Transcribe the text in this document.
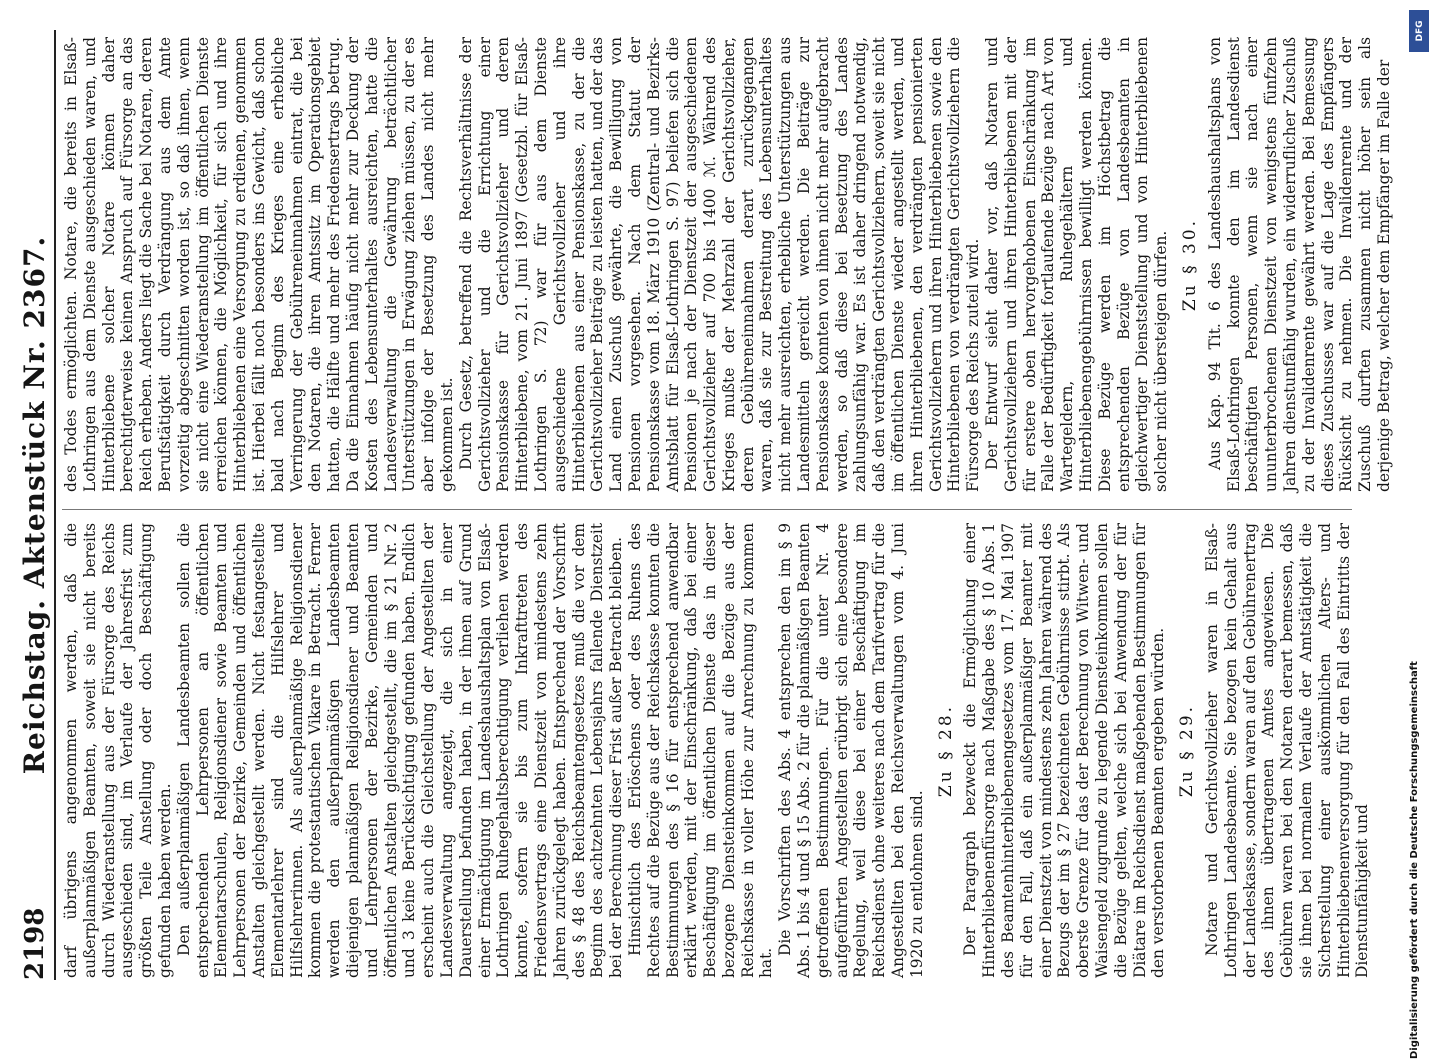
2198
Reichstag. Aktenstück Nr. 2367. darf übrigens angenommen werden, daß die außerplanmäßigen Beamten, soweit sie nicht bereits durch Wiederanstellung aus der Fürsorge des Reichs ausgeschieden sind, im Verlaufe der Jahresfrist zum größten Teile Anstellung oder doch Beschäftigung gefunden haben werden. Den außerplanmäßigen Landesbeamten sollen die entsprechenden Lehrpersonen an öffentlichen Elementarschulen, Religionsdiener sowie Beamten und Lehrpersonen der Bezirke, Gemeinden und öffentlichen Anstalten gleichgestellt werden. Nicht festangestellte Elementarlehrer sind die Hilfslehrer und Hilfslehrerinnen. Als außerplanmäßige Religionsdiener kommen die protestantischen Vikare in Betracht. Ferner werden den außerplanmäßigen Landesbeamten diejenigen planmäßigen Religionsdiener und Beamten und Lehrpersonen der Bezirke, Gemeinden und öffentlichen Anstalten gleichgestellt, die im § 21 Nr. 2 und 3 keine Berücksichtigung gefunden haben. Endlich erscheint auch die Gleichstellung der Angestellten der Landesverwaltung angezeigt, die sich in einer Dauerstellung befunden haben, in der ihnen auf Grund einer Ermächtigung im Landeshaushaltsplan von Elsaß-Lothringen Ruhegehaltsberechtigung verliehen werden konnte, sofern sie bis zum Inkrafttreten des Friedensvertrags eine Dienstzeit von mindestens zehn Jahren zurückgelegt haben. Entsprechend der Vorschrift des § 48 des Reichsbeamtengesetzes muß die vor dem Beginn des achtzehnten Lebensjahrs fallende Dienstzeit bei der Berechnung dieser Frist außer Betracht bleiben. Hinsichtlich des Erlöschens oder des Ruhens des Rechtes auf die Bezüge aus der Reichskasse konnten die Bestimmungen des § 16 für entsprechend anwendbar erklärt werden, mit der Einschränkung, daß bei einer Beschäftigung im öffentlichen Dienste das in dieser bezogene Diensteinkommen auf die Bezüge aus der Reichskasse in voller Höhe zur Anrechnung zu kommen hat.

Die Vorschriften des Abs. 4 entsprechen den im § 9 Abs. 1 bis 4 und § 15 Abs. 2 für die planmäßigen Beamten getroffenen Bestimmungen. Für die unter Nr. 4 aufgeführten Angestellten erübrigt sich eine besondere Regelung, weil diese bei einer Beschäftigung im Reichsdienst ohne weiteres nach dem Tarifvertrag für die Angestellten bei den Reichsverwaltungen vom 4. Juni 1920 zu entlohnen sind.

Zu § 28. Der Paragraph bezweckt die Ermöglichung einer Hinterbliebenenfürsorge nach Maßgabe des § 10 Abs. 1 des Beamtenhinterbliebenengesetzes vom 17. Mai 1907 für den Fall, daß ein außerplanmäßiger Beamter mit einer Dienstzeit von mindestens zehn Jahren während des Bezugs der im § 27 bezeichneten Gebührnisse stirbt. Als oberste Grenze für das der Berechnung von Witwen- und Waisengeld zugrunde zu legende Diensteinkommen sollen die Bezüge gelten, welche sich bei Anwendung der für Diätare im Reichsdienst maßgebenden Bestimmungen für den verstorbenen Beamten ergeben würden. Zu § 29. Notare und Gerichtsvollzieher waren in Elsaß-Lothringen Landesbeamte. Sie bezogen kein Gehalt aus der Landeskasse, sondern waren auf den Gebührenertrag des ihnen übertragenen Amtes angewiesen. Die Gebühren waren bei den Notaren derart bemessen, daß sie ihnen bei normalem Verlaufe der Amtstätigkeit die Sicherstellung einer auskömmlichen Alters- und Hinterbliebenenversorgung für den Fall des Eintritts der Dienstunfähigkeit und

des Todes ermöglichten. Notare, die bereits in Elsaß-Lothringen aus dem Dienste ausgeschieden waren, und Hinterbliebene solcher Notare können daher berechtigterweise keinen Anspruch auf Fürsorge an das Reich erheben. Anders liegt die Sache bei Notaren, deren Berufstätigkeit durch Verdrängung aus dem Amte vorzeitig abgeschnitten worden ist, so daß ihnen, wenn sie nicht eine Wiederanstellung im öffentlichen Dienste erreichen können, die Möglichkeit, für sich und ihre Hinterbliebenen eine Versorgung zu erdienen, genommen ist. Hierbei fällt noch besonders ins Gewicht, daß schon bald nach Beginn des Krieges eine erhebliche Verringerung der Gebühreneinnahmen eintrat, die bei den Notaren, die ihren Amtssitz im Operationsgebiet hatten, die Hälfte und mehr des Friedensertrags betrug. Da die Einnahmen häufig nicht mehr zur Deckung der Kosten des Lebensunterhaltes ausreichten, hatte die Landesverwaltung die Gewährung beträchtlicher Unterstützungen in Erwägung ziehen müssen, zu der es aber infolge der Besetzung des Landes nicht mehr gekommen ist. Durch Gesetz, betreffend die Rechtsverhältnisse der Gerichtsvollzieher und die Errichtung einer Pensionskasse für Gerichtsvollzieher und deren Hinterbliebene, vom 21. Juni 1897 (Gesetzbl. für Elsaß-Lothringen S. 72) war für aus dem Dienste ausgeschiedene Gerichtsvollzieher und ihre Hinterbliebenen aus einer Pensionskasse, zu der die Gerichtsvollzieher Beiträge zu leisten hatten, und der das Land einen Zuschuß gewährte, die Bewilligung von Pensionen vorgesehen. Nach dem Statut der Pensionskasse vom 18. März 1910 (Zentral- und Bezirks-Amtsblatt für Elsaß-Lothringen S. 97) beliefen sich die Pensionen je nach der Dienstzeit der ausgeschiedenen Gerichtsvollzieher auf 700 bis 1400 ℳ. Während des Krieges mußte der Mehrzahl der Gerichtsvollzieher, deren Gebühreneinnahmen derart zurückgegangen waren, daß sie zur Bestreitung des Lebensunterhaltes nicht mehr ausreichten, erhebliche Unterstützungen aus Landesmitteln gereicht werden. Die Beiträge zur Pensionskasse konnten von ihnen nicht mehr aufgebracht werden, so daß diese bei Besetzung des Landes zahlungsunfähig war. Es ist daher dringend notwendig, daß den verdrängten Gerichtsvollziehern, soweit sie nicht im öffentlichen Dienste wieder angestellt werden, und ihren Hinterbliebenen, den verdrängten pensionierten Gerichtsvollziehern und ihren Hinterbliebenen sowie den Hinterbliebenen von verdrängten Gerichtsvollziehern die Fürsorge des Reichs zuteil wird. Der Entwurf sieht daher vor, daß Notaren und Gerichtsvollziehern und ihren Hinterbliebenen mit der für erstere oben hervorgehobenen Einschränkung im Falle der Bedürftigkeit fortlaufende Bezüge nach Art von Wartegeldern, Ruhegehältern und Hinterbliebenengebührnissen bewilligt werden können. Diese Bezüge werden im Höchstbetrag die entsprechenden Bezüge von Landesbeamten in gleichwertiger Dienststellung und von Hinterbliebenen solcher nicht übersteigen dürfen. Zu § 30. Aus Kap. 94 Tit. 6 des Landeshaushaltsplans von Elsaß-Lothringen konnte den im Landesdienst beschäftigten Personen, wenn sie nach einer ununterbrochenen Dienstzeit von wenigstens fünfzehn Jahren dienstunfähig wurden, ein widerruflicher Zuschuß zu der Invalidenrente gewährt werden. Bei Bemessung dieses Zuschusses war auf die Lage des Empfängers Rücksicht zu nehmen. Die Invalidenrente und der Zuschuß durften zusammen nicht höher sein als derjenige Betrag, welcher dem Empfänger im Falle der

DFG
Digitalisierung gefördert durch die Deutsche Forschungsgemeinschaft
